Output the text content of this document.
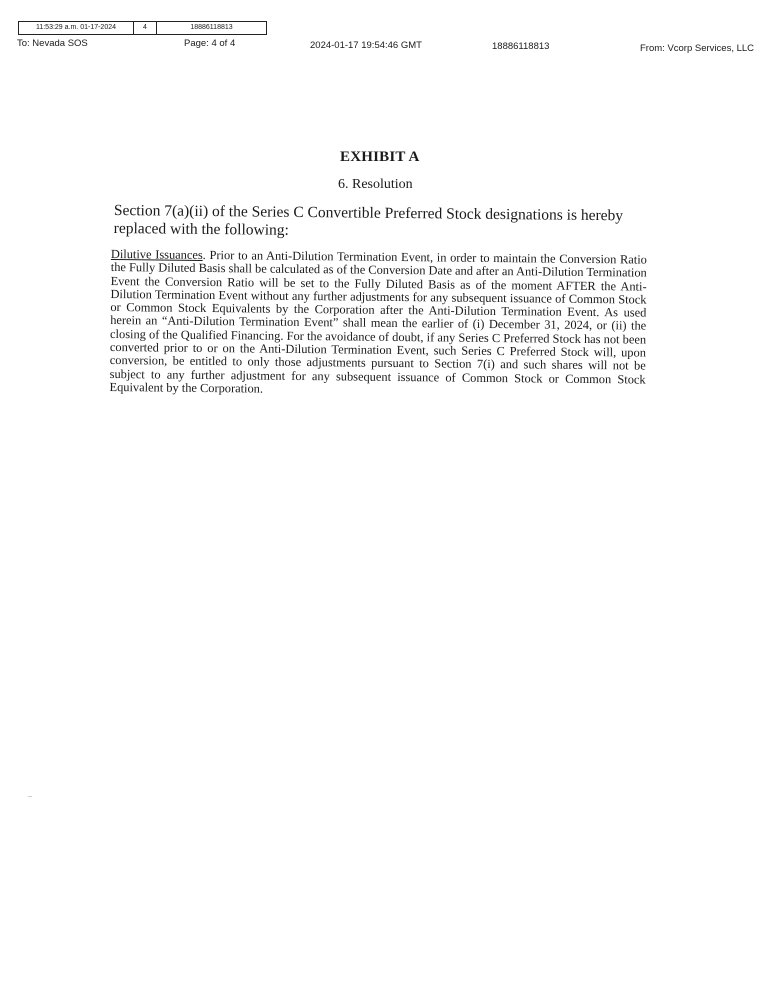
11:53:29 a.m. 01-17-2024	4	18886118813
To: Nevada SOS	Page: 4 of 4	2024-01-17 19:54:46 GMT	18886118813	From: Vcorp Services, LLC
EXHIBIT A
6. Resolution
Section 7(a)(ii) of the Series C Convertible Preferred Stock designations is hereby replaced with the following:
Dilutive Issuances. Prior to an Anti-Dilution Termination Event, in order to maintain the Conversion Ratio the Fully Diluted Basis shall be calculated as of the Conversion Date and after an Anti-Dilution Termination Event the Conversion Ratio will be set to the Fully Diluted Basis as of the moment AFTER the Anti-Dilution Termination Event without any further adjustments for any subsequent issuance of Common Stock or Common Stock Equivalents by the Corporation after the Anti-Dilution Termination Event. As used herein an “Anti-Dilution Termination Event” shall mean the earlier of (i) December 31, 2024, or (ii) the closing of the Qualified Financing. For the avoidance of doubt, if any Series C Preferred Stock has not been converted prior to or on the Anti-Dilution Termination Event, such Series C Preferred Stock will, upon conversion, be entitled to only those adjustments pursuant to Section 7(i) and such shares will not be subject to any further adjustment for any subsequent issuance of Common Stock or Common Stock Equivalent by the Corporation.
